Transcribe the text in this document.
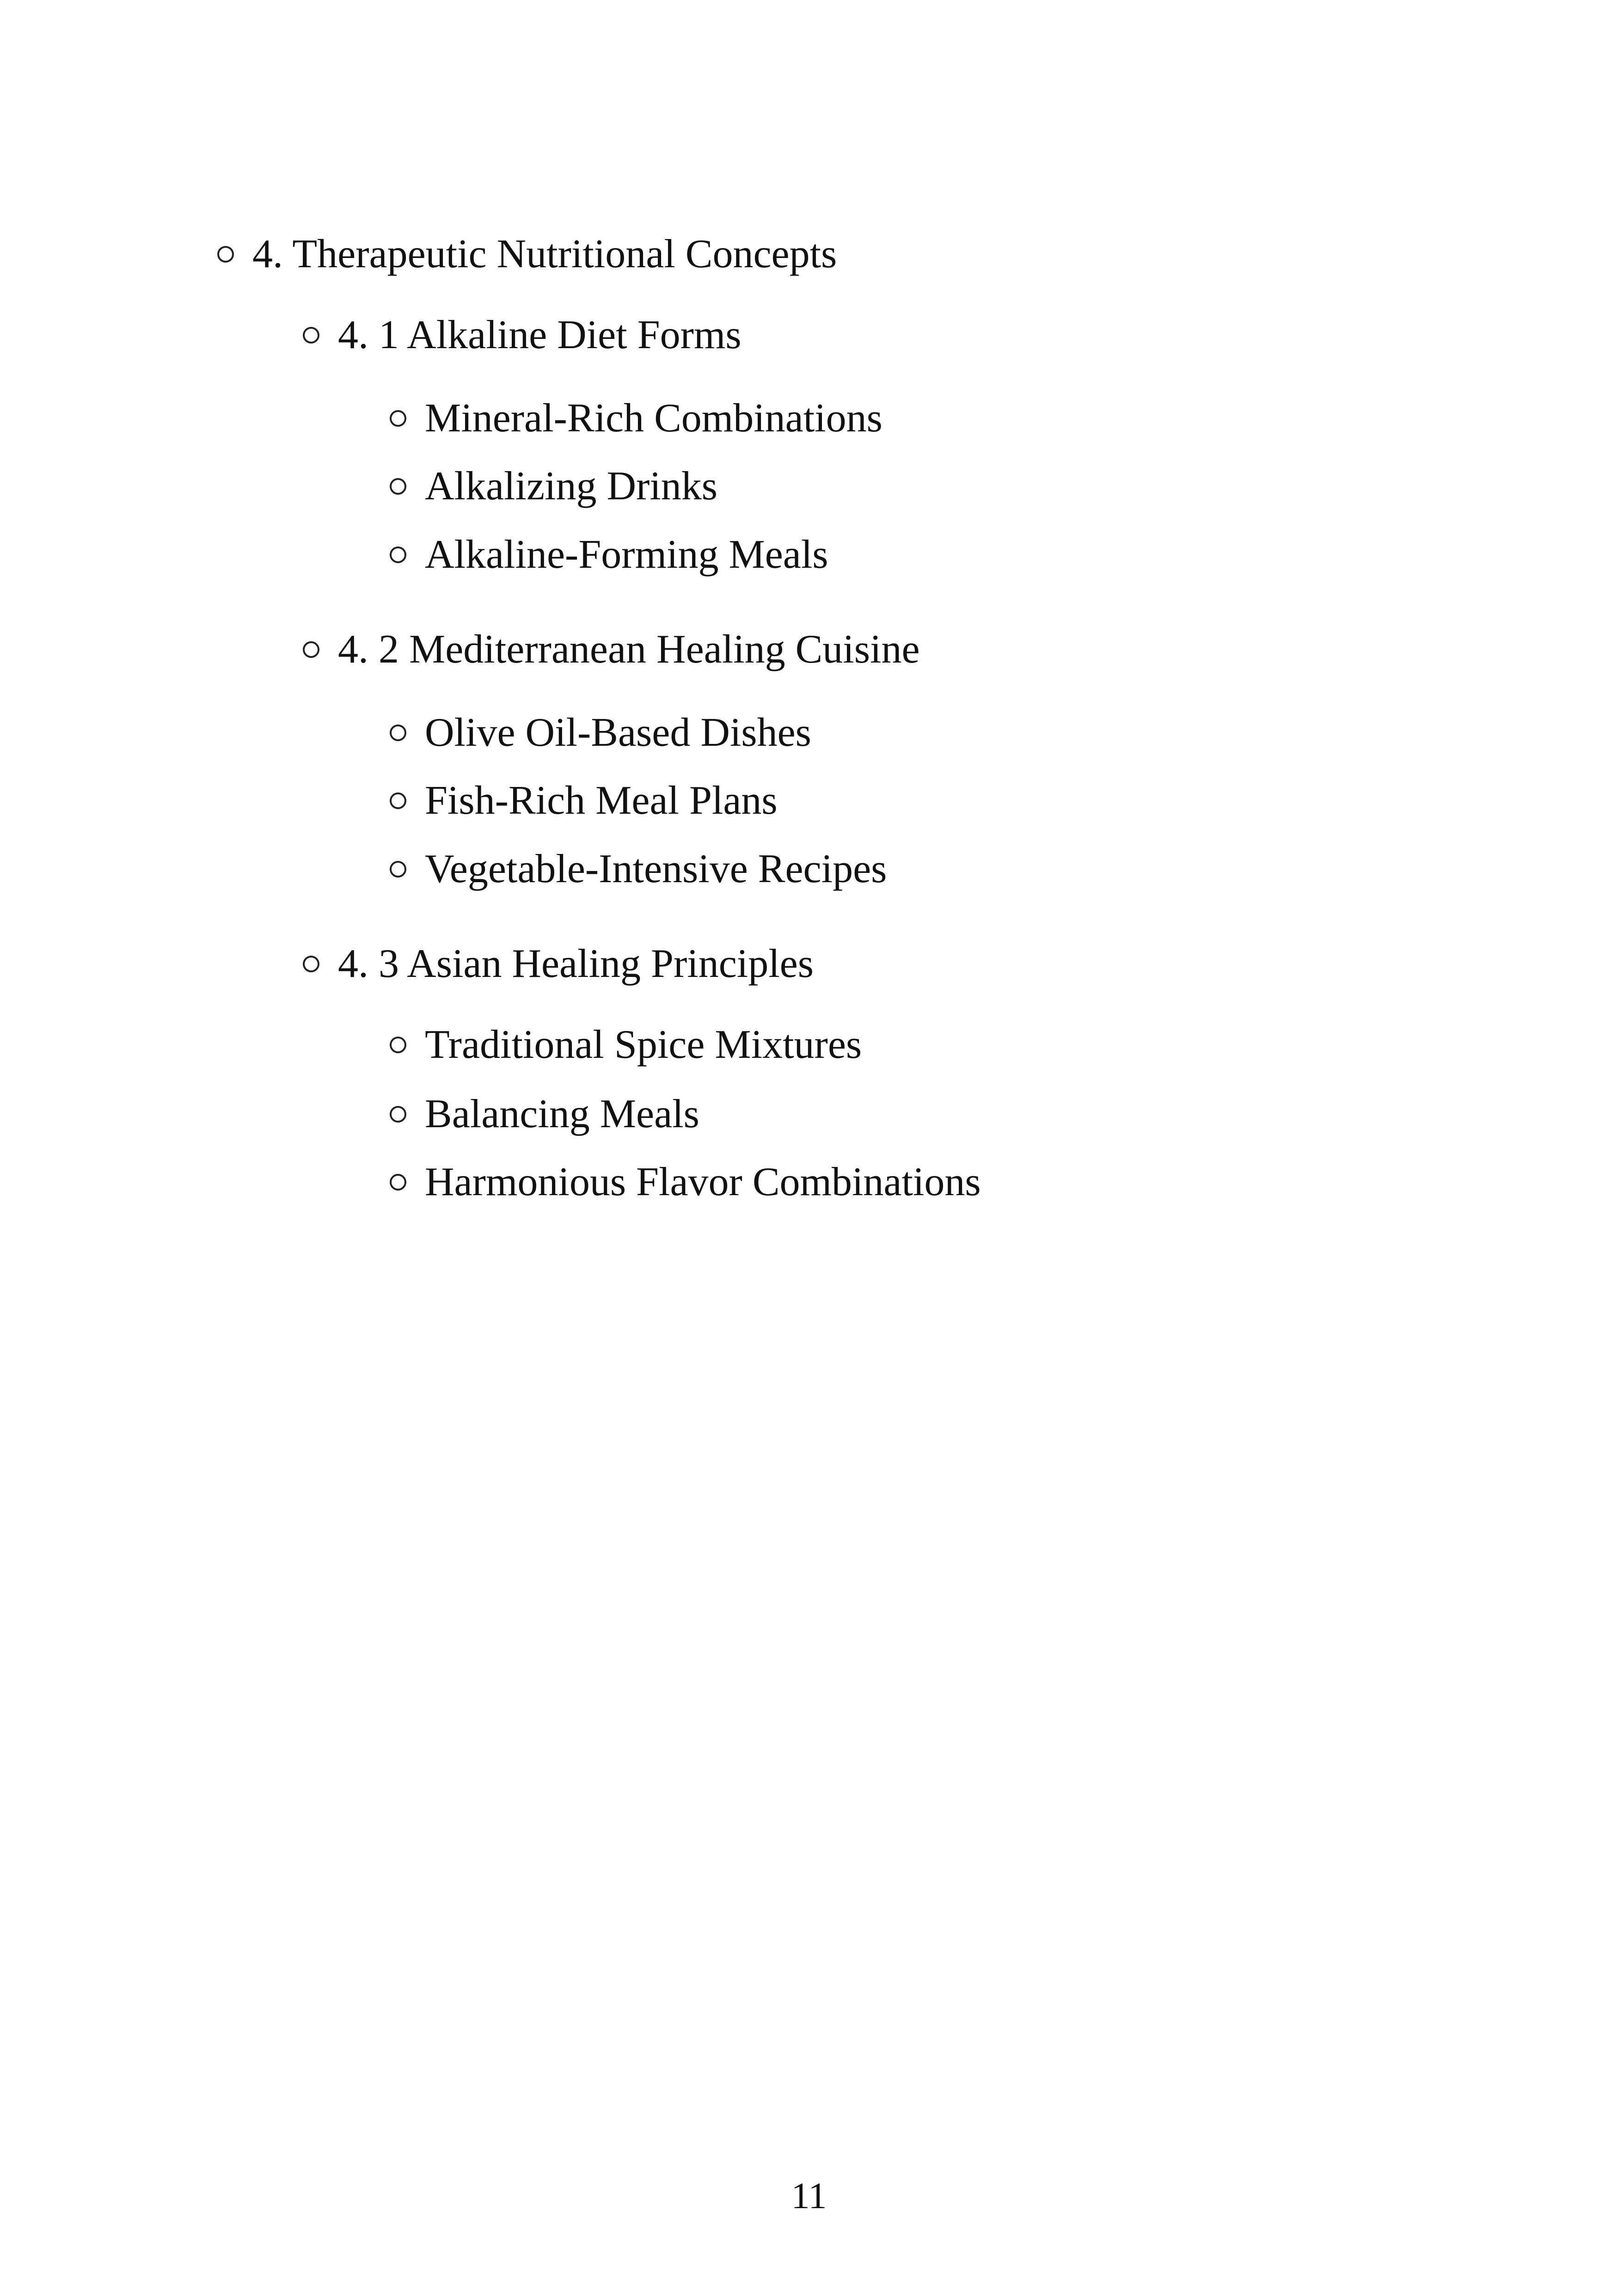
4. Therapeutic Nutritional Concepts
4. 1 Alkaline Diet Forms
Mineral-Rich Combinations
Alkalizing Drinks
Alkaline-Forming Meals
4. 2 Mediterranean Healing Cuisine
Olive Oil-Based Dishes
Fish-Rich Meal Plans
Vegetable-Intensive Recipes
4. 3 Asian Healing Principles
Traditional Spice Mixtures
Balancing Meals
Harmonious Flavor Combinations
11
